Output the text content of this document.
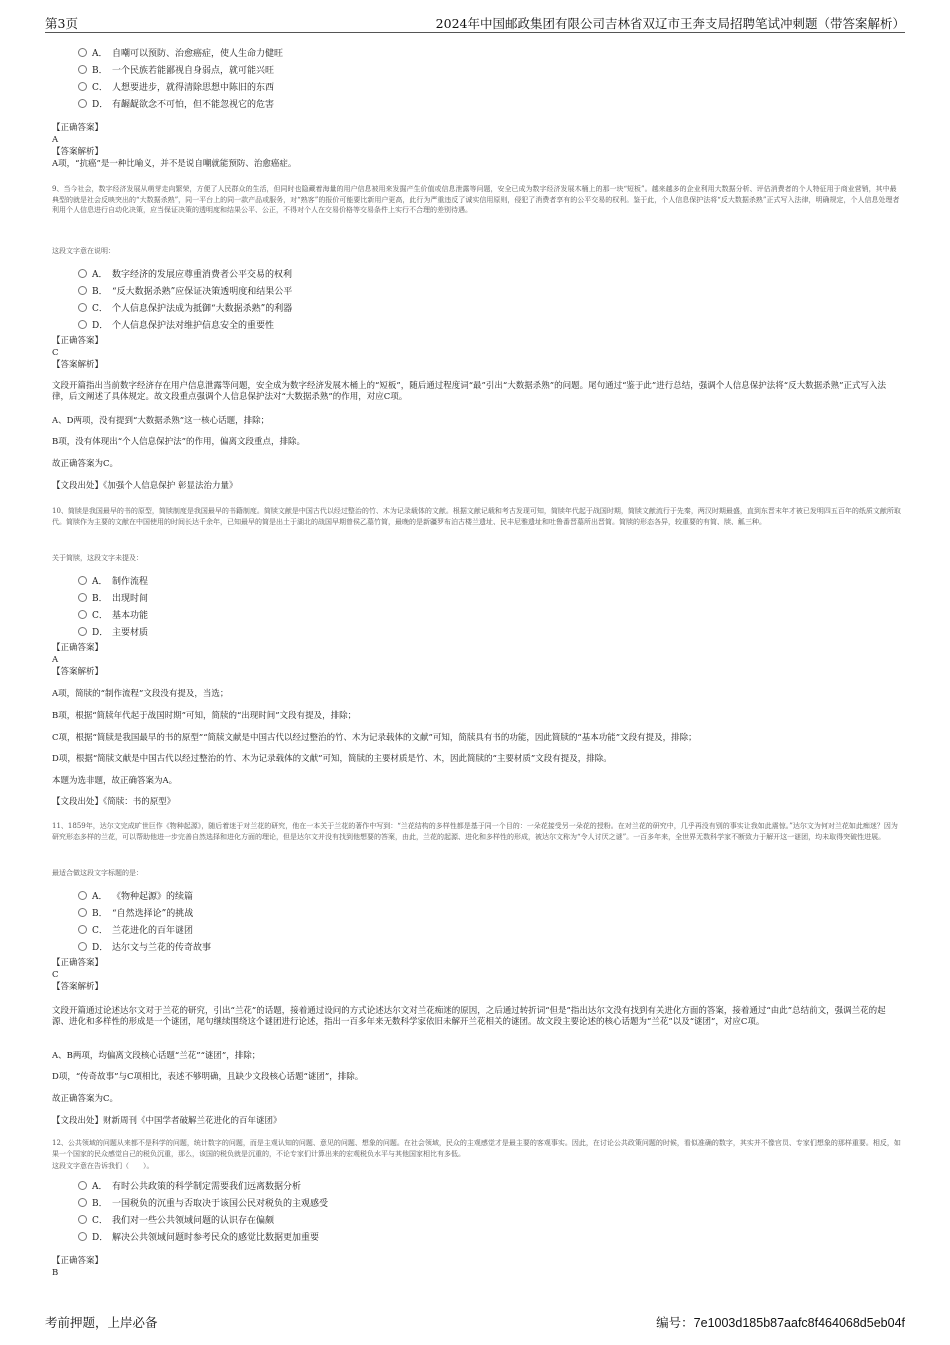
第3页	2024年中国邮政集团有限公司吉林省双辽市王奔支局招聘笔试冲刺题（带答案解析）
A． 自嘲可以预防、治愈癌症，使人生命力健旺
B． 一个民族若能鄙视自身弱点，就可能兴旺
C． 人想要进步，就得清除思想中陈旧的东西
D． 有龌龊欲念不可怕，但不能忽视它的危害
【正确答案】
A
【答案解析】
A项，“抗癌”是一种比喻义，并不是说自嘲就能预防、治愈癌症。
9、当今社会，数字经济发展从萌芽走向繁荣，方便了人民群众的生活，但同时也隐藏着海量的用户信息被用来发掘产生价值或信息泄露等问题，安全已成为数字经济发展木桶上的那一块“短板”。越来越多的企业利用大数据分析、评估消费者的个人特征用于商业营销，其中最典型的就是社会反映突出的“大数据杀熟”，同一平台上的同一款产品或服务，对“熟客”的报价可能要比新用户更高，此行为严重违反了诚实信用原则，侵犯了消费者享有的公平交易的权利。鉴于此，个人信息保护法将“反大数据杀熟”正式写入法律，明确规定，个人信息处理者利用个人信息进行自动化决策，应当保证决策的透明度和结果公平、公正，不得对个人在交易价格等交易条件上实行不合理的差别待遇。
这段文字意在说明：
A． 数字经济的发展应尊重消费者公平交易的权利
B． “反大数据杀熟”应保证决策透明度和结果公平
C． 个人信息保护法成为抵御“大数据杀熟”的利器
D． 个人信息保护法对维护信息安全的重要性
【正确答案】
C
【答案解析】
文段开篇指出当前数字经济存在用户信息泄露等问题，安全成为数字经济发展木桶上的“短板”，随后通过程度词“最”引出“大数据杀熟”的问题。尾句通过“鉴于此”进行总结，强调个人信息保护法将“反大数据杀熟”正式写入法律，后文阐述了具体规定。故文段重点强调个人信息保护法对“大数据杀熟”的作用，对应C项。
A、D两项，没有提到“大数据杀熟”这一核心话题，排除；
B项，没有体现出“个人信息保护法”的作用，偏离文段重点，排除。
故正确答案为C。
【文段出处】《加强个人信息保护 彰显法治力量》
10、简牍是我国最早的书的原型，简牍制度是我国最早的书籍制度。简牍文献是中国古代以经过整治的竹、木为记录载体的文献。根据文献记载和考古发现可知，简牍年代起于战国时期，简牍文献流行于先秦，两汉时期最盛，直到东晋末年才被已发明四五百年的纸质文献所取代。简牍作为主要的文献在中国使用的时间长达千余年，已知最早的简是出土于湖北的战国早期曾侯乙墓竹简，最晚的是新疆罗布泊古楼兰遗址、民丰尼雅遗址和吐鲁番晋墓所出晋简。简牍的形态各异，较重要的有简、牍、觚三种。
关于简牍，这段文字未提及：
A． 制作流程
B． 出现时间
C． 基本功能
D． 主要材质
【正确答案】
A
【答案解析】
A项，简牍的“制作流程”文段没有提及，当选；
B项，根据“简牍年代起于战国时期”可知，简牍的“出现时间”文段有提及，排除；
C项，根据“简牍是我国最早的书的原型”“简牍文献是中国古代以经过整治的竹、木为记录载体的文献”可知，简牍具有书的功能，因此简牍的“基本功能”文段有提及，排除；
D项，根据“简牍文献是中国古代以经过整治的竹、木为记录载体的文献”可知，简牍的主要材质是竹、木，因此简牍的“主要材质”文段有提及，排除。
本题为选非题，故正确答案为A。
【文段出处】《简牍：书的原型》
11、1859年，达尔文完成旷世巨作《物种起源》，随后着迷于对兰花的研究，他在一本关于兰花的著作中写到：“兰花结构的多样性都是基于同一个目的：一朵花接受另一朵花的授粉。在对兰花的研究中，几乎再没有别的事实让我如此震惊。”达尔文为何对兰花如此痴迷？因为研究形态多样的兰花，可以帮助他进一步完善自然选择和进化方面的理论，但是达尔文并没有找到他想要的答案，由此，兰花的起源、进化和多样性的形成，被达尔文称为“令人讨厌之谜”。一百多年来，全世界无数科学家不断致力于解开这一谜团，均未取得突破性进展。
最适合做这段文字标题的是：
A． 《物种起源》的续篇
B． “自然选择论”的挑战
C． 兰花进化的百年谜团
D． 达尔文与兰花的传奇故事
【正确答案】
C
【答案解析】
文段开篇通过论述达尔文对于兰花的研究，引出“兰花”的话题，接着通过设问的方式论述达尔文对兰花痴迷的原因，之后通过转折词“但是”指出达尔文没有找到有关进化方面的答案，接着通过“由此”总结前文，强调兰花的起源、进化和多样性的形成是一个谜团，尾句继续围绕这个谜团进行论述，指出一百多年来无数科学家依旧未解开兰花相关的谜团。故文段主要论述的核心话题为“兰花”以及“谜团”，对应C项。
A、B两项，均偏离文段核心话题“兰花”“谜团”，排除；
D项，“传奇故事”与C项相比，表述不够明确，且缺少文段核心话题“谜团”，排除。
故正确答案为C。
【文段出处】财新周刊《中国学者破解兰花进化的百年谜团》
12、公共领域的问题从来都不是科学的问题，统计数字的问题，而是主观认知的问题、意见的问题、想象的问题。在社会领域，民众的主观感觉才是最主要的客观事实。因此，在讨论公共政策问题的时候，看似准确的数字，其实并不像官员、专家们想象的那样重要。相反，如果一个国家的民众感觉自己的税负沉重，那么，该国的税负就是沉重的，不论专家们计算出来的宏观税负水平与其他国家相比有多低。
这段文字意在告诉我们（　　）。
A． 有时公共政策的科学制定需要我们远离数据分析
B． 一国税负的沉重与否取决于该国公民对税负的主观感受
C． 我们对一些公共领域问题的认识存在偏颇
D． 解决公共领域问题时参考民众的感觉比数据更加重要
【正确答案】
B
考前押题，上岸必备	编号：7e1003d185b87aafc8f464068d5eb04f
